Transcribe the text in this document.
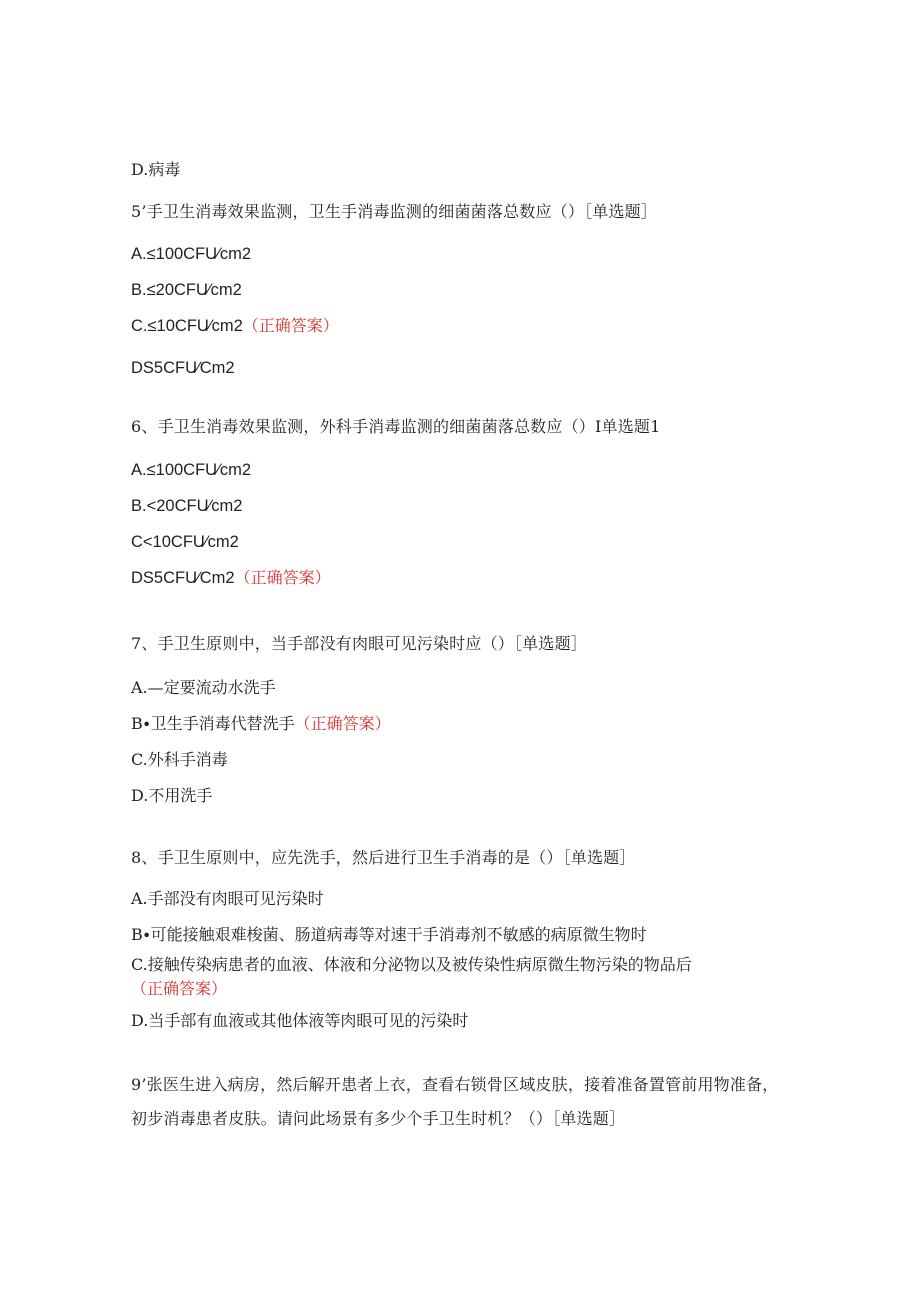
D.病毒
5’手卫生消毒效果监测，卫生手消毒监测的细菌菌落总数应（）［单选题］
A.≤100CFU∕cm2
B.≤20CFU∕cm2
C.≤10CFU∕cm2（正确答案）
DS5CFU∕Cm2
6、手卫生消毒效果监测，外科手消毒监测的细菌菌落总数应（）I单选题1
A.≤100CFU∕cm2
B.<20CFU∕cm2
C<10CFU∕cm2
DS5CFU∕Cm2（正确答案）
7、手卫生原则中，当手部没有肉眼可见污染时应（）［单选题］
A.—定要流动水洗手
B∙卫生手消毒代替洗手（正确答案）
C.外科手消毒
D.不用洗手
8、手卫生原则中，应先洗手，然后进行卫生手消毒的是（）［单选题］
A.手部没有肉眼可见污染时
B∙可能接触艰难梭菌、肠道病毒等对速干手消毒剂不敏感的病原微生物时
C.接触传染病患者的血液、体液和分泌物以及被传染性病原微生物污染的物品后（正确答案）
D.当手部有血液或其他体液等肉眼可见的污染时
9’张医生进入病房，然后解开患者上衣，查看右锁骨区域皮肤，接着准备置管前用物准备，初步消毒患者皮肤。请问此场景有多少个手卫生时机？（）［单选题］
